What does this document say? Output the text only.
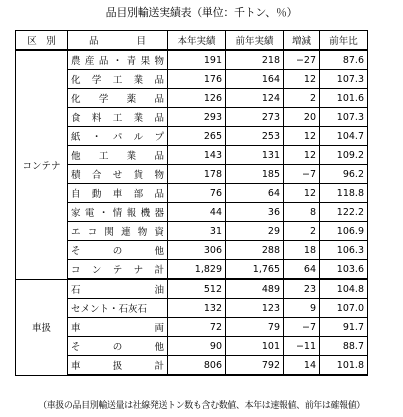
品目別輸送実績表（単位：千トン、％）
区　別	品　　　　目	本年実績	前年実績	増減	前年比
コンテナ	農産品・青果物	191	218	−27	87.6
	化学工業品	176	164	12	107.3
	化学薬品	126	124	2	101.6
	食料工業品	293	273	20	107.3
	紙・パルプ	265	253	12	104.7
	他工業品	143	131	12	109.2
	積合せ貨物	178	185	−7	96.2
	自動車部品	76	64	12	118.8
	家電・情報機器	44	36	8	122.2
	エコ関連物資	31	29	2	106.9
	そ　の　他	306	288	18	106.3
	コンテナ計	1,829	1,765	64	103.6
車扱	石　　　油	512	489	23	104.8
	セメント・石灰石	132	123	9	107.0
	車　　　両	72	79	−7	91.7
	そ　の　他	90	101	−11	88.7
	車扱計	806	792	14	101.8
（車扱の品目別輸送量は社線発送トン数も含む数値、本年は速報値、前年は確報値）
